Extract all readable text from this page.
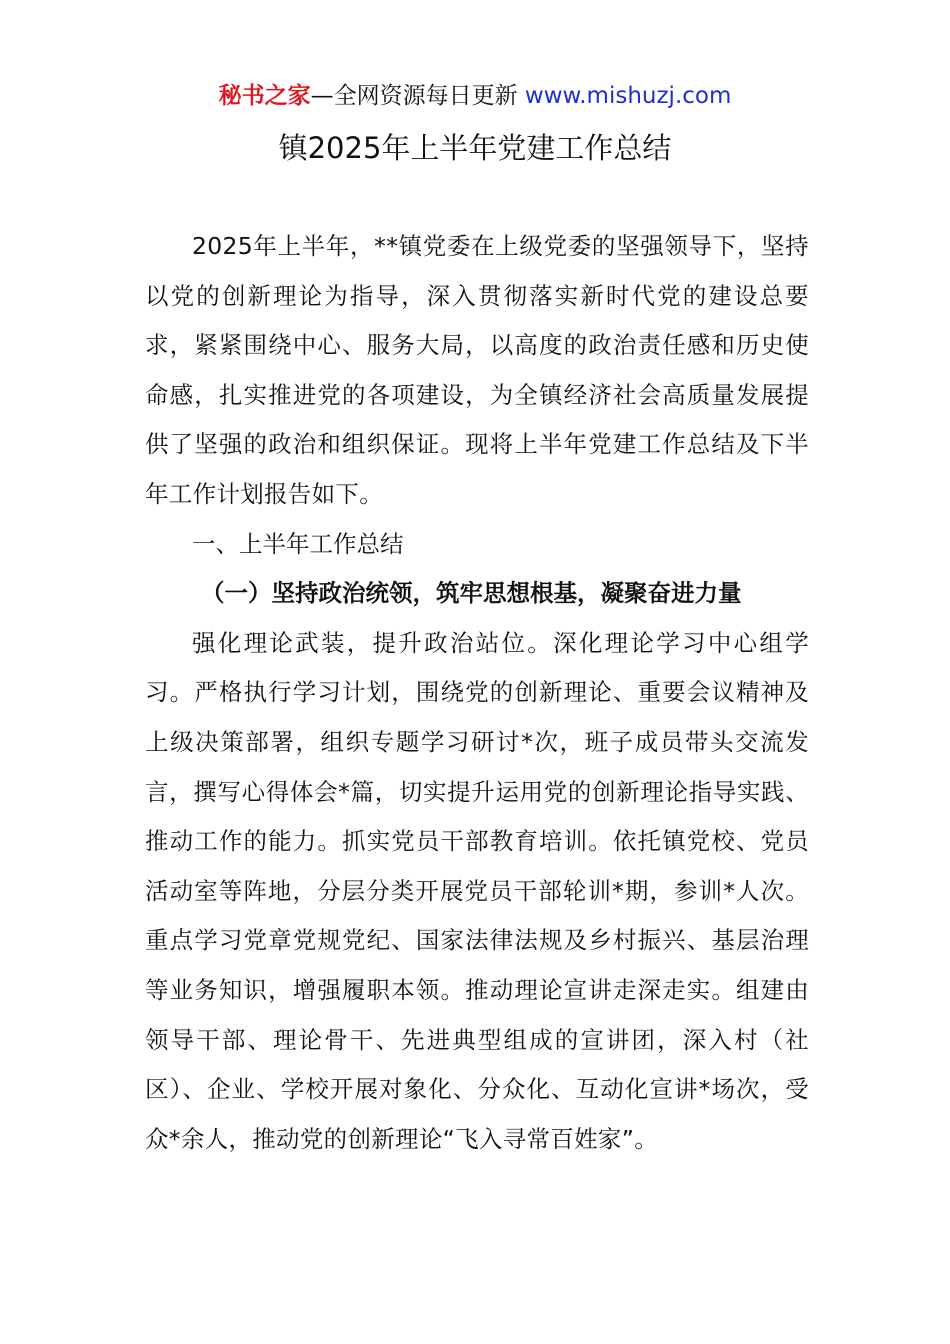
秘书之家—全网资源每日更新 www.mishuzj.com
镇2025年上半年党建工作总结

2025年上半年，**镇党委在上级党委的坚强领导下，坚持以党的创新理论为指导，深入贯彻落实新时代党的建设总要求，紧紧围绕中心、服务大局，以高度的政治责任感和历史使命感，扎实推进党的各项建设，为全镇经济社会高质量发展提供了坚强的政治和组织保证。现将上半年党建工作总结及下半年工作计划报告如下。

一、上半年工作总结

（一）坚持政治统领，筑牢思想根基，凝聚奋进力量

强化理论武装，提升政治站位。深化理论学习中心组学习。严格执行学习计划，围绕党的创新理论、重要会议精神及上级决策部署，组织专题学习研讨*次，班子成员带头交流发言，撰写心得体会*篇，切实提升运用党的创新理论指导实践、推动工作的能力。抓实党员干部教育培训。依托镇党校、党员活动室等阵地，分层分类开展党员干部轮训*期，参训*人次。重点学习党章党规党纪、国家法律法规及乡村振兴、基层治理等业务知识，增强履职本领。推动理论宣讲走深走实。组建由领导干部、理论骨干、先进典型组成的宣讲团，深入村（社区）、企业、学校开展对象化、分众化、互动化宣讲*场次，受众*余人，推动党的创新理论“飞入寻常百姓家”。
